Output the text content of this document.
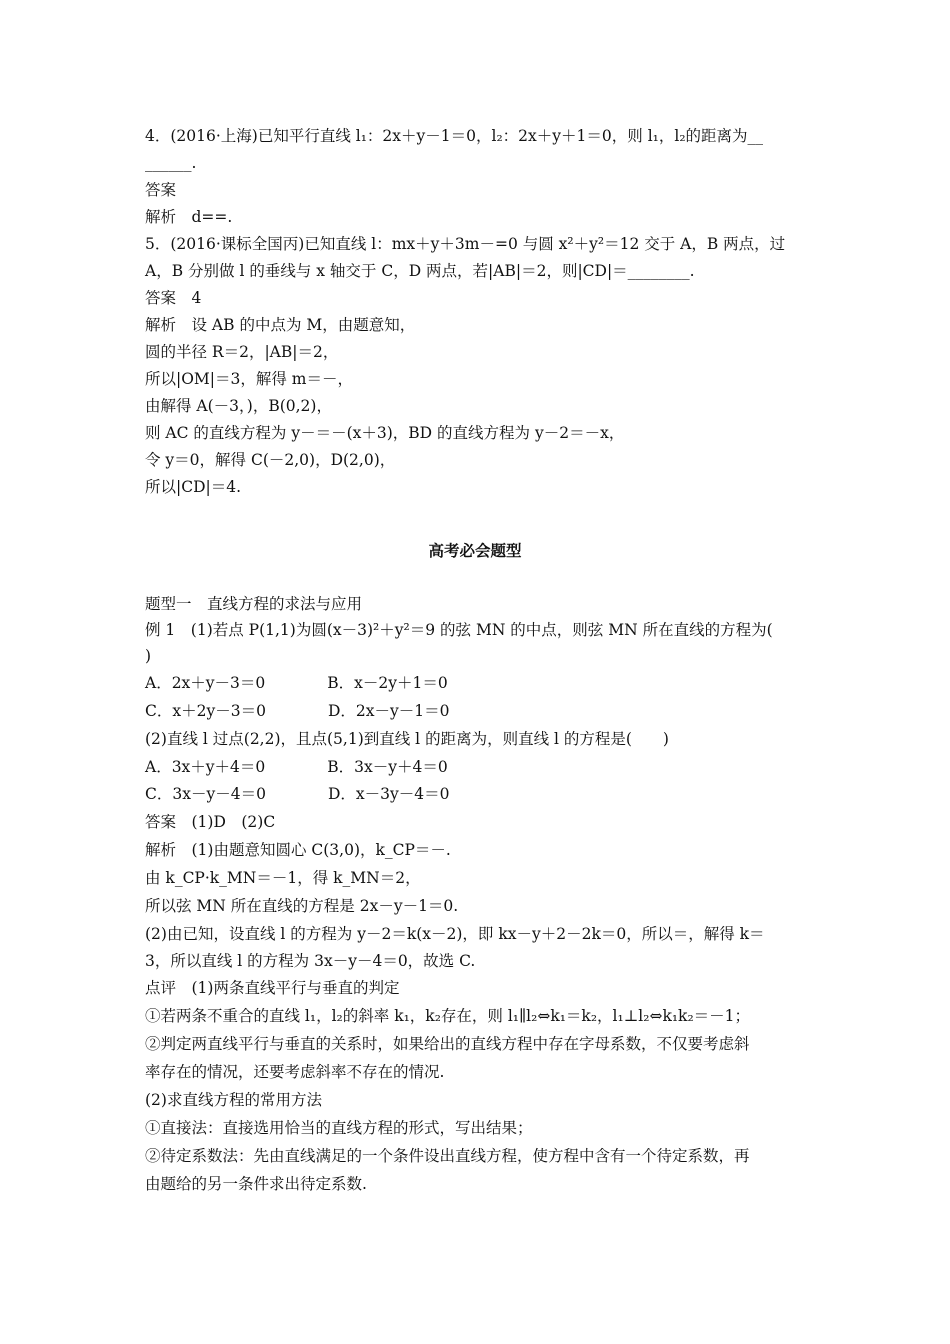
4．(2016·上海)已知平行直线 l₁：2x＋y－1＝0，l₂：2x＋y＋1＝0，则 l₁，l₂的距离为__
______.
答案
解析　d==.
5．(2016·课标全国丙)已知直线 l：mx＋y＋3m－=0 与圆 x²＋y²＝12 交于 A，B 两点，过
A，B 分别做 l 的垂线与 x 轴交于 C，D 两点，若|AB|＝2，则|CD|＝________.
答案　4
解析　设 AB 的中点为 M，由题意知，
圆的半径 R＝2，|AB|＝2，
所以|OM|＝3，解得 m＝－，
由解得 A(－3，)，B(0,2)，
则 AC 的直线方程为 y－＝－(x＋3)，BD 的直线方程为 y－2＝－x，
令 y＝0，解得 C(－2,0)，D(2,0)，
所以|CD|＝4.
高考必会题型
题型一　直线方程的求法与应用
例 1　(1)若点 P(1,1)为圆(x－3)²＋y²＝9 的弦 MN 的中点，则弦 MN 所在直线的方程为(
)
A．2x＋y－3＝0　　　　B．x－2y＋1＝0
C．x＋2y－3＝0　　　　D．2x－y－1＝0
(2)直线 l 过点(2,2)，且点(5,1)到直线 l 的距离为，则直线 l 的方程是(　　)
A．3x＋y＋4＝0　　　　B．3x－y＋4＝0
C．3x－y－4＝0　　　　D．x－3y－4＝0
答案　(1)D　(2)C
解析　(1)由题意知圆心 C(3,0)，k_CP＝－.
由 k_CP·k_MN＝－1，得 k_MN＝2，
所以弦 MN 所在直线的方程是 2x－y－1＝0.
(2)由已知，设直线 l 的方程为 y－2＝k(x－2)，即 kx－y＋2－2k＝0，所以＝，解得 k＝
3，所以直线 l 的方程为 3x－y－4＝0，故选 C.
点评　(1)两条直线平行与垂直的判定
①若两条不重合的直线 l₁，l₂的斜率 k₁，k₂存在，则 l₁∥l₂⇔k₁＝k₂，l₁⊥l₂⇔k₁k₂＝－1；
②判定两直线平行与垂直的关系时，如果给出的直线方程中存在字母系数，不仅要考虑斜
率存在的情况，还要考虑斜率不存在的情况.
(2)求直线方程的常用方法
①直接法：直接选用恰当的直线方程的形式，写出结果；
②待定系数法：先由直线满足的一个条件设出直线方程，使方程中含有一个待定系数，再
由题给的另一条件求出待定系数.
